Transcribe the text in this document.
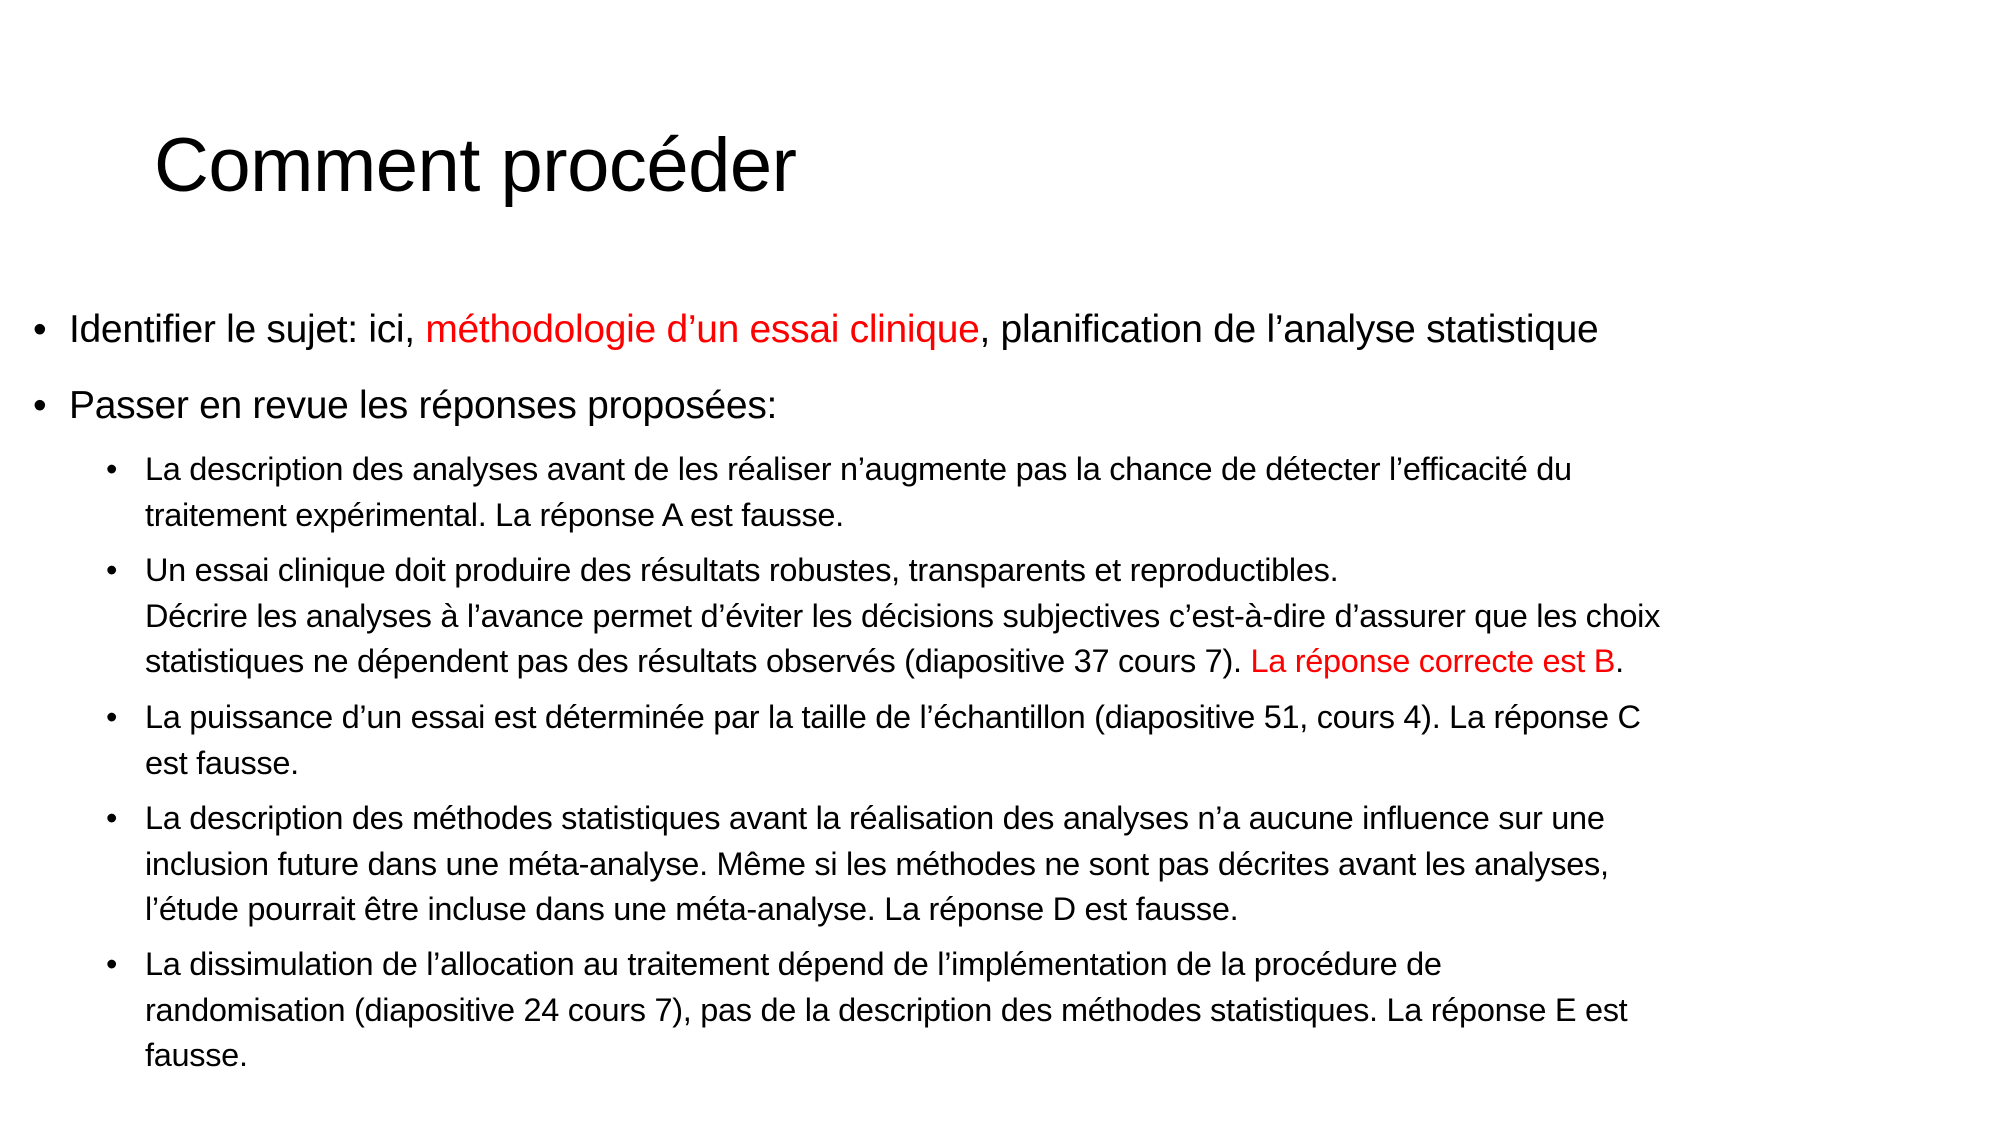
Comment procéder
• Identifier le sujet: ici, méthodologie d’un essai clinique, planification de l’analyse statistique
• Passer en revue les réponses proposées:
• La description des analyses avant de les réaliser n’augmente pas la chance de détecter l’efficacité du
traitement expérimental. La réponse A est fausse.
• Un essai clinique doit produire des résultats robustes, transparents et reproductibles.
Décrire les analyses à l’avance permet d’éviter les décisions subjectives c’est-à-dire d’assurer que les choix
statistiques ne dépendent pas des résultats observés (diapositive 37 cours 7). La réponse correcte est B.
• La puissance d’un essai est déterminée par la taille de l’échantillon (diapositive 51, cours 4). La réponse C
est fausse.
• La description des méthodes statistiques avant la réalisation des analyses n’a aucune influence sur une
inclusion future dans une méta-analyse. Même si les méthodes ne sont pas décrites avant les analyses,
l’étude pourrait être incluse dans une méta-analyse. La réponse D est fausse.
• La dissimulation de l’allocation au traitement dépend de l’implémentation de la procédure de
randomisation (diapositive 24 cours 7), pas de la description des méthodes statistiques. La réponse E est
fausse.
